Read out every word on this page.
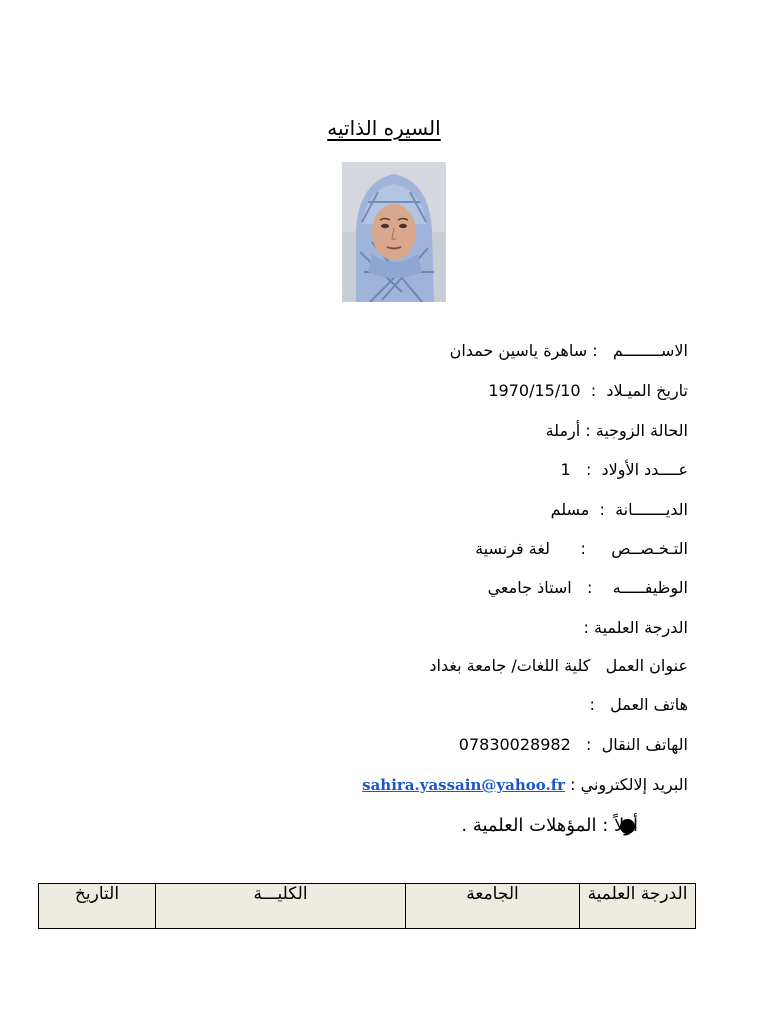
السيره الذاتيه
الاســــــــم   : ساهرة ياسين حمدان
تاريخ الميـلاد  :  1970/15/10
الحالة الزوجية : أرملة
عــــدد الأولاد  :   1
الديـــــــانة  :  مسلم
التـخـصــص     :      لغة فرنسية
الوظيفـــــه    :   استاذ جامعي
الدرجة العلمية :
عنوان العمل   كلية اللغات/ جامعة بغداد
هاتف العمل   :
الهاتف النقال  :   07830028982
البريد إلالكتروني : sahira.yassain@yahoo.fr
أولاً : المؤهلات العلمية .
الدرجة العلمية	الجامعة	الكليـــة	التاريخ
